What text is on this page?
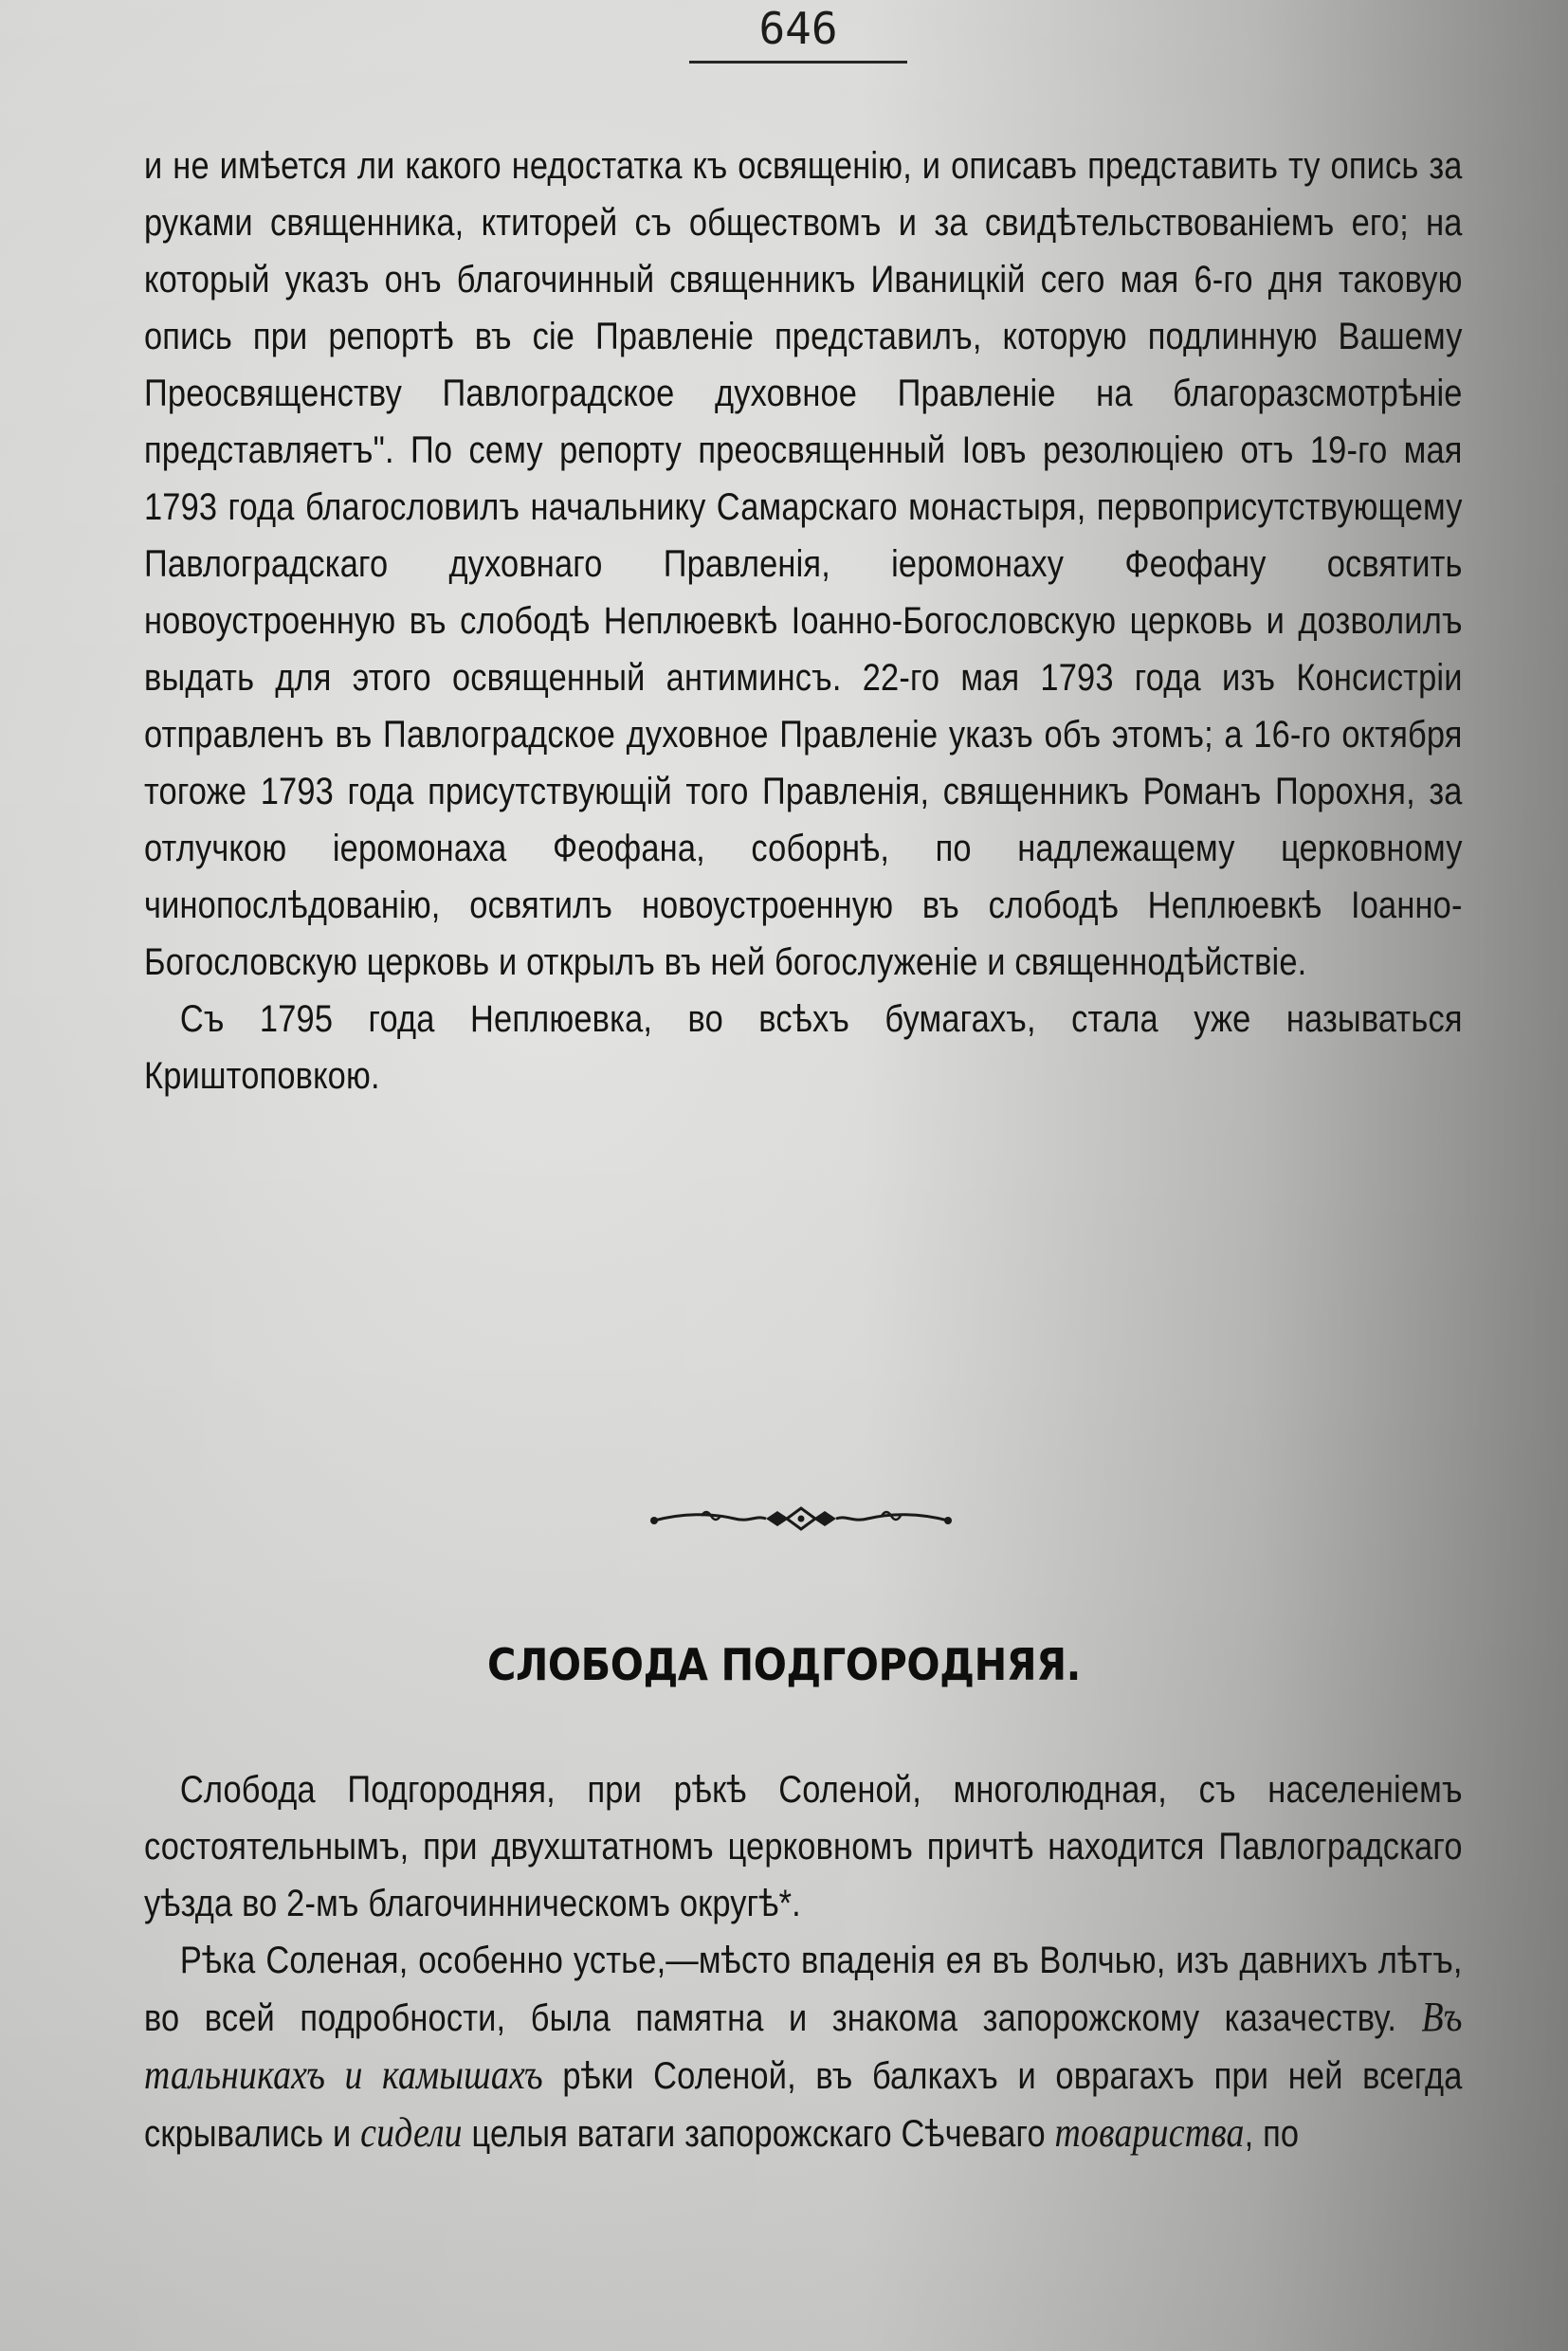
646

и не имѣется ли какого недостатка къ освященію, и описавъ представить ту опись за руками священника, ктиторей съ обществомъ и за свидѣтельствованіемъ его; на который указъ онъ благочинный священникъ Иваницкій сего мая 6-го дня таковую опись при репортѣ въ сіе Правленіе представилъ, которую подлинную Вашему Преосвященству Павлоградское духовное Правленіе на благоразсмотрѣніе представляетъ". По сему репорту преосвященный Іовъ резолюціею отъ 19-го мая 1793 года благословилъ начальнику Самарскаго монастыря, первоприсутствующему Павлоградскаго духовнаго Правленія, іеромонаху Феофану освятить новоустроенную въ слободѣ Неплюевкѣ Іоанно-Богословскую церковь и дозволилъ выдать для этого освященный антиминсъ. 22-го мая 1793 года изъ Консистріи отправленъ въ Павлоградское духовное Правленіе указъ объ этомъ; а 16-го октября тогоже 1793 года присутствующій того Правленія, священникъ Романъ Пороxня, за отлучкою іеромонаха Феофана, соборнѣ, по надлежащему церковному чинопослѣдованію, освятилъ новоустроенную въ слободѣ Неплюевкѣ Іоанно-Богословскую церковь и открылъ въ ней богослуженіе и священнодѣйствіе.

Съ 1795 года Неплюевка, во всѣхъ бумагахъ, стала уже называться Криштоповкою.

СЛОБОДА ПОДГОРОДНЯЯ.

Слобода Подгородняя, при рѣкѣ Соленой, многолюдная, съ населеніемъ состоятельнымъ, при двухштатномъ церковномъ причтѣ находится Павлоградскаго уѣзда во 2-мъ благочинническомъ округѣ*.

Рѣка Соленая, особенно устье,—мѣсто впаденія ея въ Волчью, изъ давнихъ лѣтъ, во всей подробности, была памятна и знакома запорожскому казачеству. Въ тальникахъ и камышахъ рѣки Соленой, въ балкахъ и оврагахъ при ней всегда скрывались и сидели целыя ватаги запорожскаго Сѣчеваго товариства, по
